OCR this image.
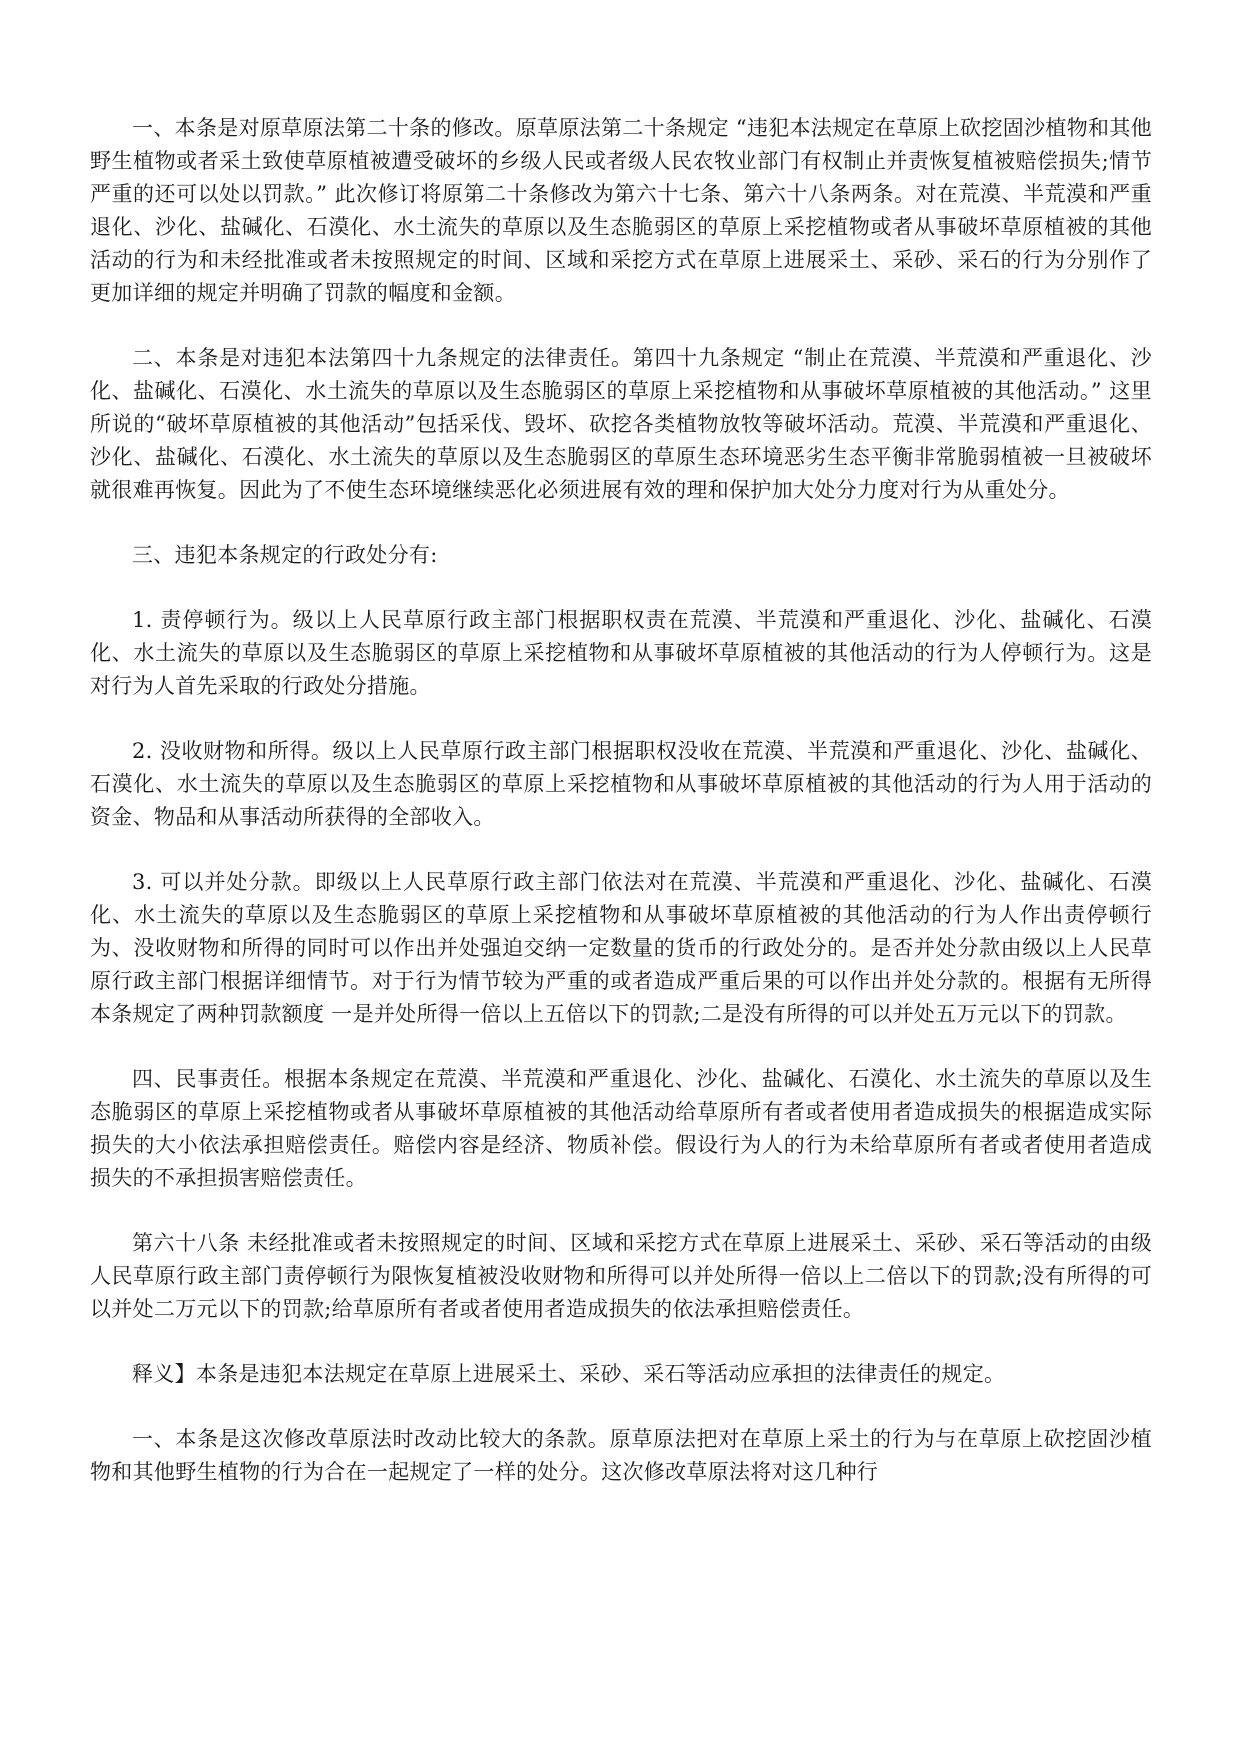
一、本条是对原草原法第二十条的修改。原草原法第二十条规定 “违犯本法规定在草原上砍挖固沙植物和其他野生植物或者采土致使草原植被遭受破坏的乡级人民或者级人民农牧业部门有权制止并责恢复植被赔偿损失;情节严重的还可以处以罚款。” 此次修订将原第二十条修改为第六十七条、第六十八条两条。对在荒漠、半荒漠和严重退化、沙化、盐碱化、石漠化、水土流失的草原以及生态脆弱区的草原上采挖植物或者从事破坏草原植被的其他活动的行为和未经批准或者未按照规定的时间、区域和采挖方式在草原上进展采土、采砂、采石的行为分别作了更加详细的规定并明确了罚款的幅度和金额。

二、本条是对违犯本法第四十九条规定的法律责任。第四十九条规定 “制止在荒漠、半荒漠和严重退化、沙化、盐碱化、石漠化、水土流失的草原以及生态脆弱区的草原上采挖植物和从事破坏草原植被的其他活动。” 这里所说的“破坏草原植被的其他活动”包括采伐、毁坏、砍挖各类植物放牧等破坏活动。荒漠、半荒漠和严重退化、沙化、盐碱化、石漠化、水土流失的草原以及生态脆弱区的草原生态环境恶劣生态平衡非常脆弱植被一旦被破坏就很难再恢复。因此为了不使生态环境继续恶化必须进展有效的理和保护加大处分力度对行为从重处分。

三、违犯本条规定的行政处分有:

1. 责停顿行为。级以上人民草原行政主部门根据职权责在荒漠、半荒漠和严重退化、沙化、盐碱化、石漠化、水土流失的草原以及生态脆弱区的草原上采挖植物和从事破坏草原植被的其他活动的行为人停顿行为。这是对行为人首先采取的行政处分措施。

2. 没收财物和所得。级以上人民草原行政主部门根据职权没收在荒漠、半荒漠和严重退化、沙化、盐碱化、石漠化、水土流失的草原以及生态脆弱区的草原上采挖植物和从事破坏草原植被的其他活动的行为人用于活动的资金、物品和从事活动所获得的全部收入。

3. 可以并处分款。即级以上人民草原行政主部门依法对在荒漠、半荒漠和严重退化、沙化、盐碱化、石漠化、水土流失的草原以及生态脆弱区的草原上采挖植物和从事破坏草原植被的其他活动的行为人作出责停顿行为、没收财物和所得的同时可以作出并处强迫交纳一定数量的货币的行政处分的。是否并处分款由级以上人民草原行政主部门根据详细情节。对于行为情节较为严重的或者造成严重后果的可以作出并处分款的。根据有无所得本条规定了两种罚款额度 一是并处所得一倍以上五倍以下的罚款;二是没有所得的可以并处五万元以下的罚款。

四、民事责任。根据本条规定在荒漠、半荒漠和严重退化、沙化、盐碱化、石漠化、水土流失的草原以及生态脆弱区的草原上采挖植物或者从事破坏草原植被的其他活动给草原所有者或者使用者造成损失的根据造成实际损失的大小依法承担赔偿责任。赔偿内容是经济、物质补偿。假设行为人的行为未给草原所有者或者使用者造成损失的不承担损害赔偿责任。

第六十八条 未经批准或者未按照规定的时间、区域和采挖方式在草原上进展采土、采砂、采石等活动的由级人民草原行政主部门责停顿行为限恢复植被没收财物和所得可以并处所得一倍以上二倍以下的罚款;没有所得的可以并处二万元以下的罚款;给草原所有者或者使用者造成损失的依法承担赔偿责任。

释义】本条是违犯本法规定在草原上进展采土、采砂、采石等活动应承担的法律责任的规定。

一、本条是这次修改草原法时改动比较大的条款。原草原法把对在草原上采土的行为与在草原上砍挖固沙植物和其他野生植物的行为合在一起规定了一样的处分。这次修改草原法将对这几种行
